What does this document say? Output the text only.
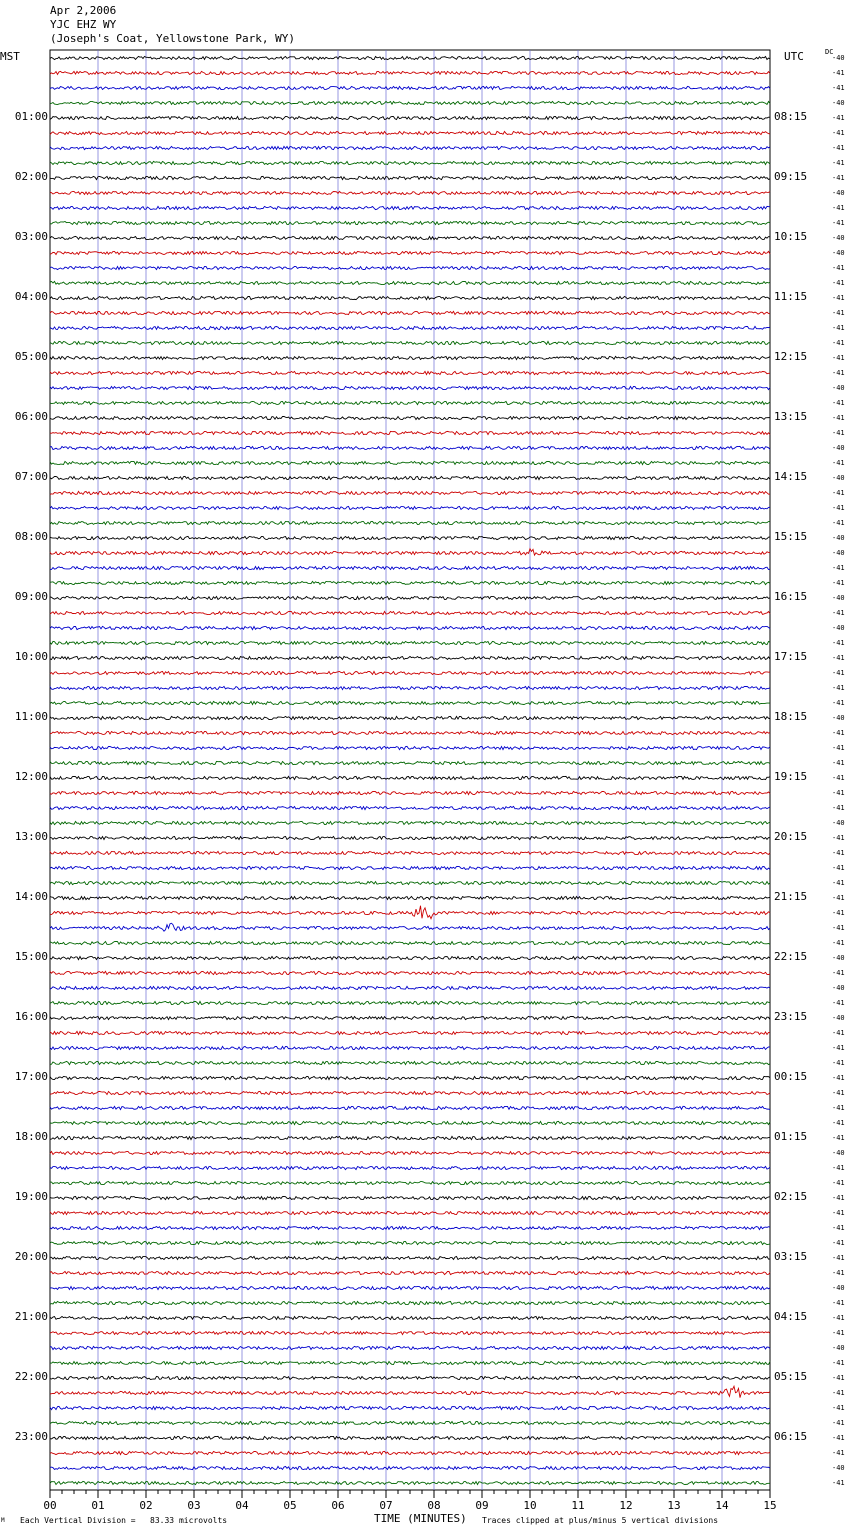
Apr 2,2006
YJC EHZ WY
(Joseph's Coat, Yellowstone Park, WY)
MST	UTC	DC
00	01	02	03	04	05	06	07	08	09	10	11	12	13	14	15
01:00
02:00
03:00
04:00
05:00
06:00
07:00
08:00
09:00
10:00
11:00
12:00
13:00
14:00
15:00
16:00
17:00
18:00
19:00
20:00
21:00
22:00
23:00
08:15
09:15
10:15
11:15
12:15
13:15
14:15
15:15
16:15
17:15
18:15
19:15
20:15
21:15
22:15
23:15
00:15
01:15
02:15
03:15
04:15
05:15
06:15
-40
-41
-41
-40
-41
-41
-41
-41
-41
-40
-41
-41
-40
-40
-41
-41
-41
-41
-41
-41
-41
-41
-40
-41
-41
-41
-40
-41
-40
-41
-41
-41
-40
-40
-41
-41
-40
-41
-40
-41
-41
-41
-41
-41
-40
-41
-41
-41
-41
-41
-41
-40
-41
-41
-41
-41
-41
-41
-41
-41
-40
-41
-40
-41
-40
-41
-41
-41
-41
-41
-41
-41
-41
-40
-41
-41
-41
-41
-41
-41
-41
-41
-40
-41
-41
-41
-40
-41
-41
-41
-41
-41
-41
-41
-40
-41
TIME (MINUTES)
M Each Vertical Division =   83.33 microvolts	Traces clipped at plus/minus 5 vertical divisions
